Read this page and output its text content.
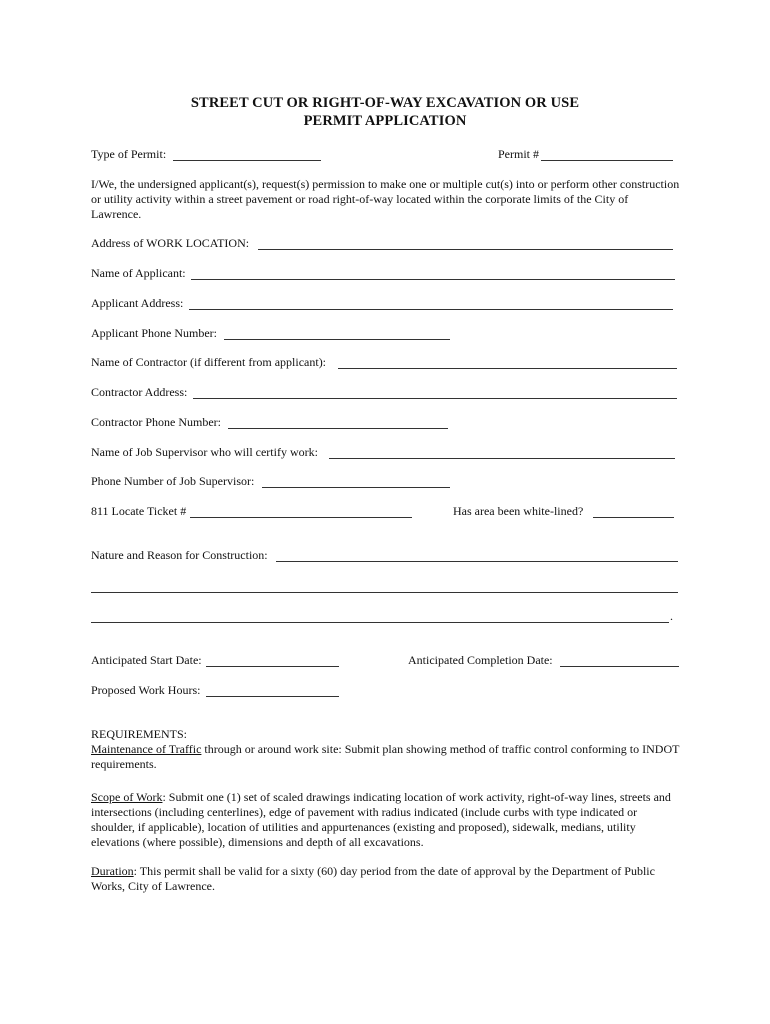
STREET CUT OR RIGHT-OF-WAY EXCAVATION OR USE
PERMIT APPLICATION
Type of Permit:	Permit #
I/We, the undersigned applicant(s), request(s) permission to make one or multiple cut(s) into or perform other construction or utility activity within a street pavement or road right-of-way located within the corporate limits of the City of Lawrence.
Address of WORK LOCATION:
Name of Applicant:
Applicant Address:
Applicant Phone Number:
Name of Contractor (if different from applicant):
Contractor Address:
Contractor Phone Number:
Name of Job Supervisor who will certify work:
Phone Number of Job Supervisor:
811 Locate Ticket #	Has area been white-lined?
Nature and Reason for Construction:
.
Anticipated Start Date:	Anticipated Completion Date:
Proposed Work Hours:
REQUIREMENTS:
Maintenance of Traffic through or around work site: Submit plan showing method of traffic control conforming to INDOT requirements.
Scope of Work: Submit one (1) set of scaled drawings indicating location of work activity, right-of-way lines, streets and intersections (including centerlines), edge of pavement with radius indicated (include curbs with type indicated or shoulder, if applicable), location of utilities and appurtenances (existing and proposed), sidewalk, medians, utility elevations (where possible), dimensions and depth of all excavations.
Duration: This permit shall be valid for a sixty (60) day period from the date of approval by the Department of Public Works, City of Lawrence.
